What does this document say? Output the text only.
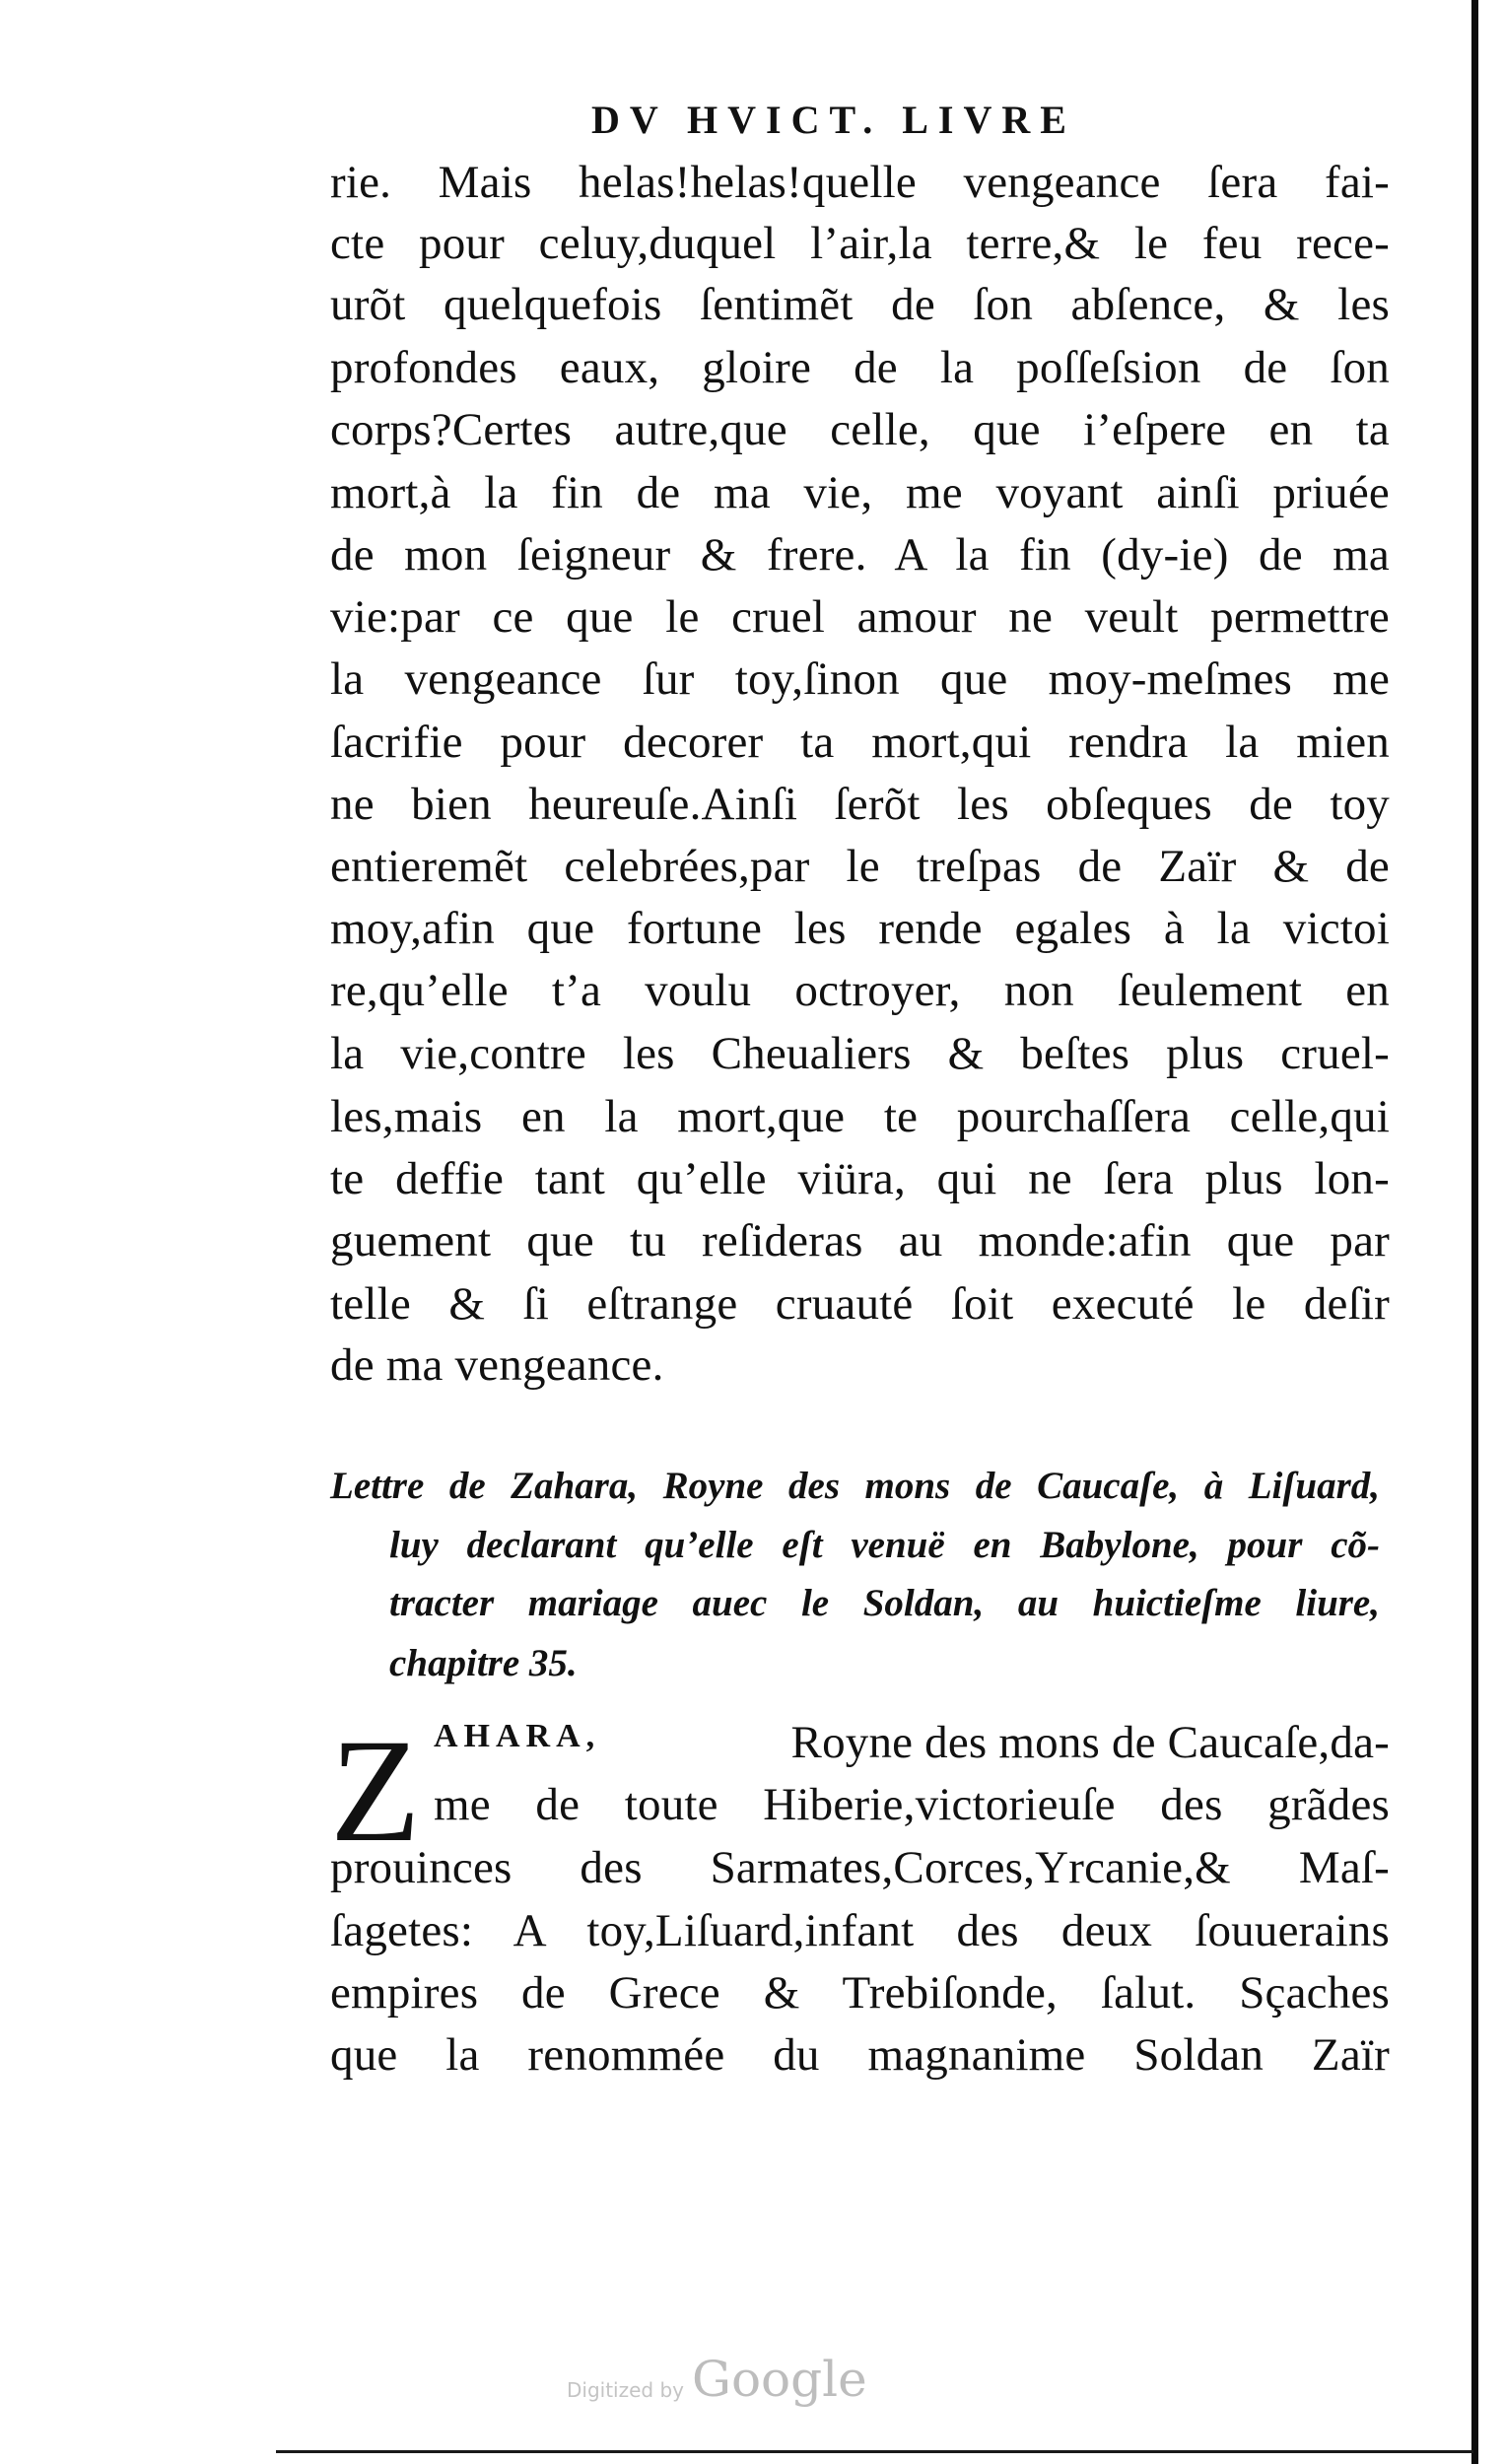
DV HVICT. LIVRE
rie. Mais helas!helas!quelle vengeance ſera fai-
cte pour celuy,duquel l’air,la terre,& le feu rece-
urõt quelquefois ſentimẽt de ſon abſence, & les
profondes eaux, gloire de la poſſeſsion de ſon
corps?Certes autre,que celle, que i’eſpere en ta
mort,à la fin de ma vie, me voyant ainſi priuée
de mon ſeigneur & frere. A la fin (dy-ie) de ma
vie:par ce que le cruel amour ne veult permettre
la vengeance ſur toy,ſinon que moy-meſmes me
ſacrifie pour decorer ta mort,qui rendra la mien
ne bien heureuſe.Ainſi ſerõt les obſeques de toy
entieremẽt celebrées,par le treſpas de Zaïr & de
moy,afin que fortune les rende egales à la victoi
re,qu’elle t’a voulu octroyer, non ſeulement en
la vie,contre les Cheualiers & beſtes plus cruel-
les,mais en la mort,que te pourchaſſera celle,qui
te deffie tant qu’elle viüra, qui ne ſera plus lon-
guement que tu reſideras au monde:afin que par
telle & ſi eſtrange cruauté ſoit executé le deſir
de ma vengeance.
Lettre de Zahara, Royne des mons de Caucaſe, à Liſuard,
luy declarant qu’elle eſt venuë en Babylone, pour cõ-
tracter mariage auec le Soldan, au huictieſme liure,
chapitre 35.
Z AHARA,	Royne des mons de Caucaſe,da-
me de toute Hiberie,victorieuſe des grãdes
prouinces des Sarmates,Corces,Yrcanie,& Maſ-
ſagetes: A toy,Liſuard,infant des deux ſouuerains
empires de Grece & Trebiſonde, ſalut. Sçaches
que la renommée du magnanime Soldan Zaïr
Digitized by Google
